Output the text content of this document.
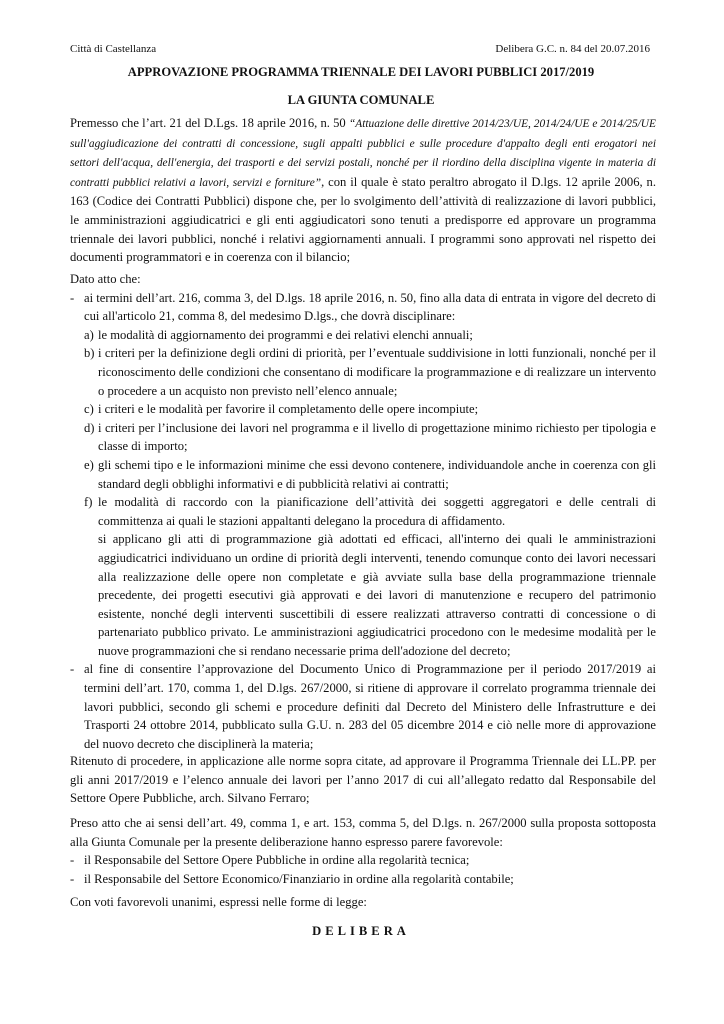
Città di Castellanza	Delibera G.C. n. 84 del 20.07.2016
APPROVAZIONE PROGRAMMA TRIENNALE DEI LAVORI PUBBLICI 2017/2019
LA GIUNTA COMUNALE

Premesso che l’art. 21 del D.Lgs. 18 aprile 2016, n. 50 “Attuazione delle direttive 2014/23/UE, 2014/24/UE e 2014/25/UE sull'aggiudicazione dei contratti di concessione, sugli appalti pubblici e sulle procedure d'appalto degli enti erogatori nei settori dell'acqua, dell'energia, dei trasporti e dei servizi postali, nonché per il riordino della disciplina vigente in materia di contratti pubblici relativi a lavori, servizi e forniture”, con il quale è stato peraltro abrogato il D.lgs. 12 aprile 2006, n. 163 (Codice dei Contratti Pubblici) dispone che, per lo svolgimento dell’attività di realizzazione di lavori pubblici, le amministrazioni aggiudicatrici e gli enti aggiudicatori sono tenuti a predisporre ed approvare un programma triennale dei lavori pubblici, nonché i relativi aggiornamenti annuali. I programmi sono approvati nel rispetto dei documenti programmatori e in coerenza con il bilancio;

Dato atto che:

- ai termini dell’art. 216, comma 3, del D.lgs. 18 aprile 2016, n. 50, fino alla data di entrata in vigore del decreto di cui all'articolo 21, comma 8, del medesimo D.lgs., che dovrà disciplinare:
a) le modalità di aggiornamento dei programmi e dei relativi elenchi annuali;
b) i criteri per la definizione degli ordini di priorità, per l’eventuale suddivisione in lotti funzionali, nonché per il riconoscimento delle condizioni che consentano di modificare la programmazione e di realizzare un intervento o procedere a un acquisto non previsto nell’elenco annuale;
c) i criteri e le modalità per favorire il completamento delle opere incompiute;
d) i criteri per l’inclusione dei lavori nel programma e il livello di progettazione minimo richiesto per tipologia e classe di importo;
e) gli schemi tipo e le informazioni minime che essi devono contenere, individuandole anche in coerenza con gli standard degli obblighi informativi e di pubblicità relativi ai contratti;
f) le modalità di raccordo con la pianificazione dell’attività dei soggetti aggregatori e delle centrali di committenza ai quali le stazioni appaltanti delegano la procedura di affidamento.
si applicano gli atti di programmazione già adottati ed efficaci, all'interno dei quali le amministrazioni aggiudicatrici individuano un ordine di priorità degli interventi, tenendo comunque conto dei lavori necessari alla realizzazione delle opere non completate e già avviate sulla base della programmazione triennale precedente, dei progetti esecutivi già approvati e dei lavori di manutenzione e recupero del patrimonio esistente, nonché degli interventi suscettibili di essere realizzati attraverso contratti di concessione o di partenariato pubblico privato. Le amministrazioni aggiudicatrici procedono con le medesime modalità per le nuove programmazioni che si rendano necessarie prima dell'adozione del decreto;
- al fine di consentire l’approvazione del Documento Unico di Programmazione per il periodo 2017/2019 ai termini dell’art. 170, comma 1, del D.lgs. 267/2000, si ritiene di approvare il correlato programma triennale dei lavori pubblici, secondo gli schemi e procedure definiti dal Decreto del Ministero delle Infrastrutture e dei Trasporti 24 ottobre 2014, pubblicato sulla G.U. n. 283 del 05 dicembre 2014 e ciò nelle more di approvazione del nuovo decreto che disciplinerà la materia;

Ritenuto di procedere, in applicazione alle norme sopra citate, ad approvare il Programma Triennale dei LL.PP. per gli anni 2017/2019 e l’elenco annuale dei lavori per l’anno 2017 di cui all’allegato redatto dal Responsabile del Settore Opere Pubbliche, arch. Silvano Ferraro;

Preso atto che ai sensi dell’art. 49, comma 1, e art. 153, comma 5, del D.lgs. n. 267/2000 sulla proposta sottoposta alla Giunta Comunale per la presente deliberazione hanno espresso parere favorevole:

- il Responsabile del Settore Opere Pubbliche in ordine alla regolarità tecnica;
- il Responsabile del Settore Economico/Finanziario in ordine alla regolarità contabile;

Con voti favorevoli unanimi, espressi nelle forme di legge:

DELIBERA
